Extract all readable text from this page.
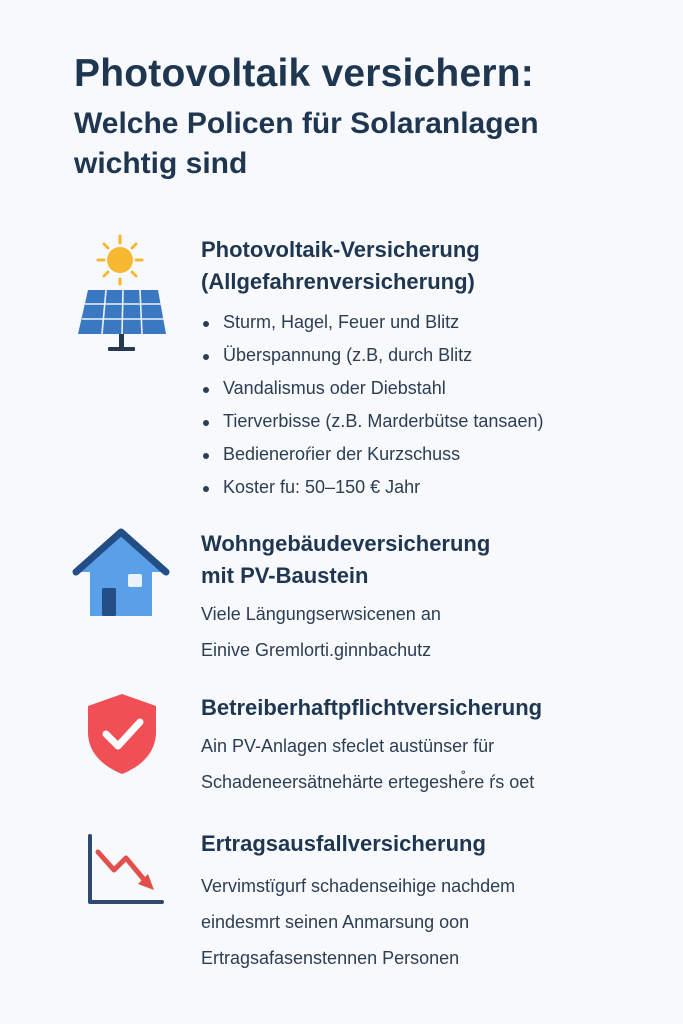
Photovoltaik versichern:
Welche Policen für Solaranlagen wichtig sind
Photovoltaik-Versicherung
(Allgefahrenversicherung)
Sturm, Hagel, Feuer und Blitz
Überspannung (z.B, durch Blitz
Vandalismus oder Diebstahl
Tierverbisse (z.B. Marderbütse tansaen)
Bedieneroŕier der Kurzschuss
Koster fu: 50–150 € Jahr
Wohngebäudeversicherung
mit PV-Baustein
Viele Längungserwsicenen an
Einive Gremlorti.ginnbachutz
Betreiberhaftpflichtversicherung
Ain PV-Anlagen sfeclet austünser für
Schadeneersätnehärte ertegeshe̊re ŕs oet
Ertragsausfallversicherung
Vervimstïgurf schadenseihige nachdem
eindesmrt seinen Anmarsung oon
Ertragsafasenstennen Personen
